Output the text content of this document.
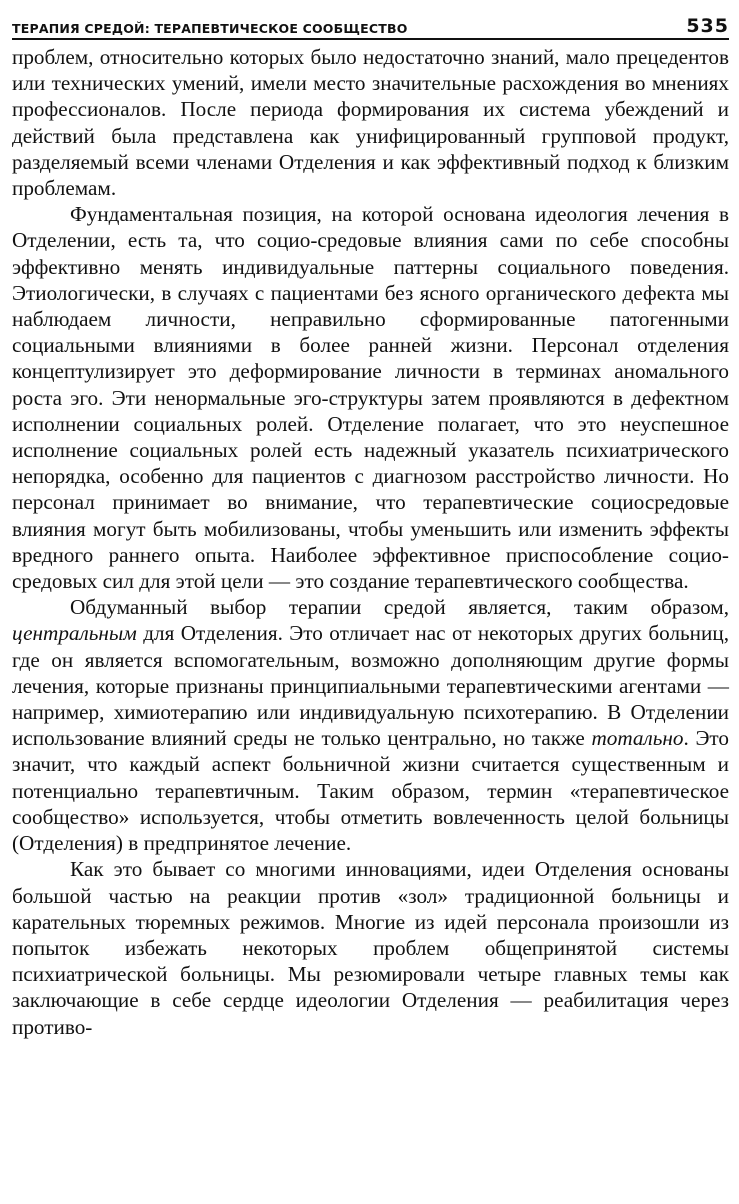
ТЕРАПИЯ СРЕДОЙ: ТЕРАПЕВТИЧЕСКОЕ СООБЩЕСТВО	535

проблем, относительно которых было недостаточно знаний, мало прецедентов или технических умений, имели место значительные расхождения во мнениях профессионалов. После периода формирования их система убеждений и действий была представлена как унифицированный групповой продукт, разделяемый всеми членами Отделения и как эффективный подход к близким проблемам.

Фундаментальная позиция, на которой основана идеология лечения в Отделении, есть та, что социо-средовые влияния сами по себе способны эффективно менять индивидуальные паттерны социального поведения. Этиологически, в случаях с пациентами без ясного органического дефекта мы наблюдаем личности, неправильно сформированные патогенными социальными влияниями в более ранней жизни. Персонал отделения концептулизирует это деформирование личности в терминах аномального роста эго. Эти ненормальные эго-структуры затем проявляются в дефектном исполнении социальных ролей. Отделение полагает, что это неуспешное исполнение социальных ролей есть надежный указатель психиатрического непорядка, особенно для пациентов с диагнозом расстройство личности. Но персонал принимает во внимание, что терапевтические социосредовые влияния могут быть мобилизованы, чтобы уменьшить или изменить эффекты вредного раннего опыта. Наиболее эффективное приспособление социо-средовых сил для этой цели — это создание терапевтического сообщества.

Обдуманный выбор терапии средой является, таким образом, центральным для Отделения. Это отличает нас от некоторых других больниц, где он является вспомогательным, возможно дополняющим другие формы лечения, которые признаны принципиальными терапевтическими агентами — например, химиотерапию или индивидуальную психотерапию. В Отделении использование влияний среды не только центрально, но также тотально. Это значит, что каждый аспект больничной жизни считается существенным и потенциально терапевтичным. Таким образом, термин «терапевтическое сообщество» используется, чтобы отметить вовлеченность целой больницы (Отделения) в предпринятое лечение.

Как это бывает со многими инновациями, идеи Отделения основаны большой частью на реакции против «зол» традиционной больницы и карательных тюремных режимов. Многие из идей персонала произошли из попыток избежать некоторых проблем общепринятой системы психиатрической больницы. Мы резюмировали четыре главных темы как заключающие в себе сердце идеологии Отделения — реабилитация через противо-
